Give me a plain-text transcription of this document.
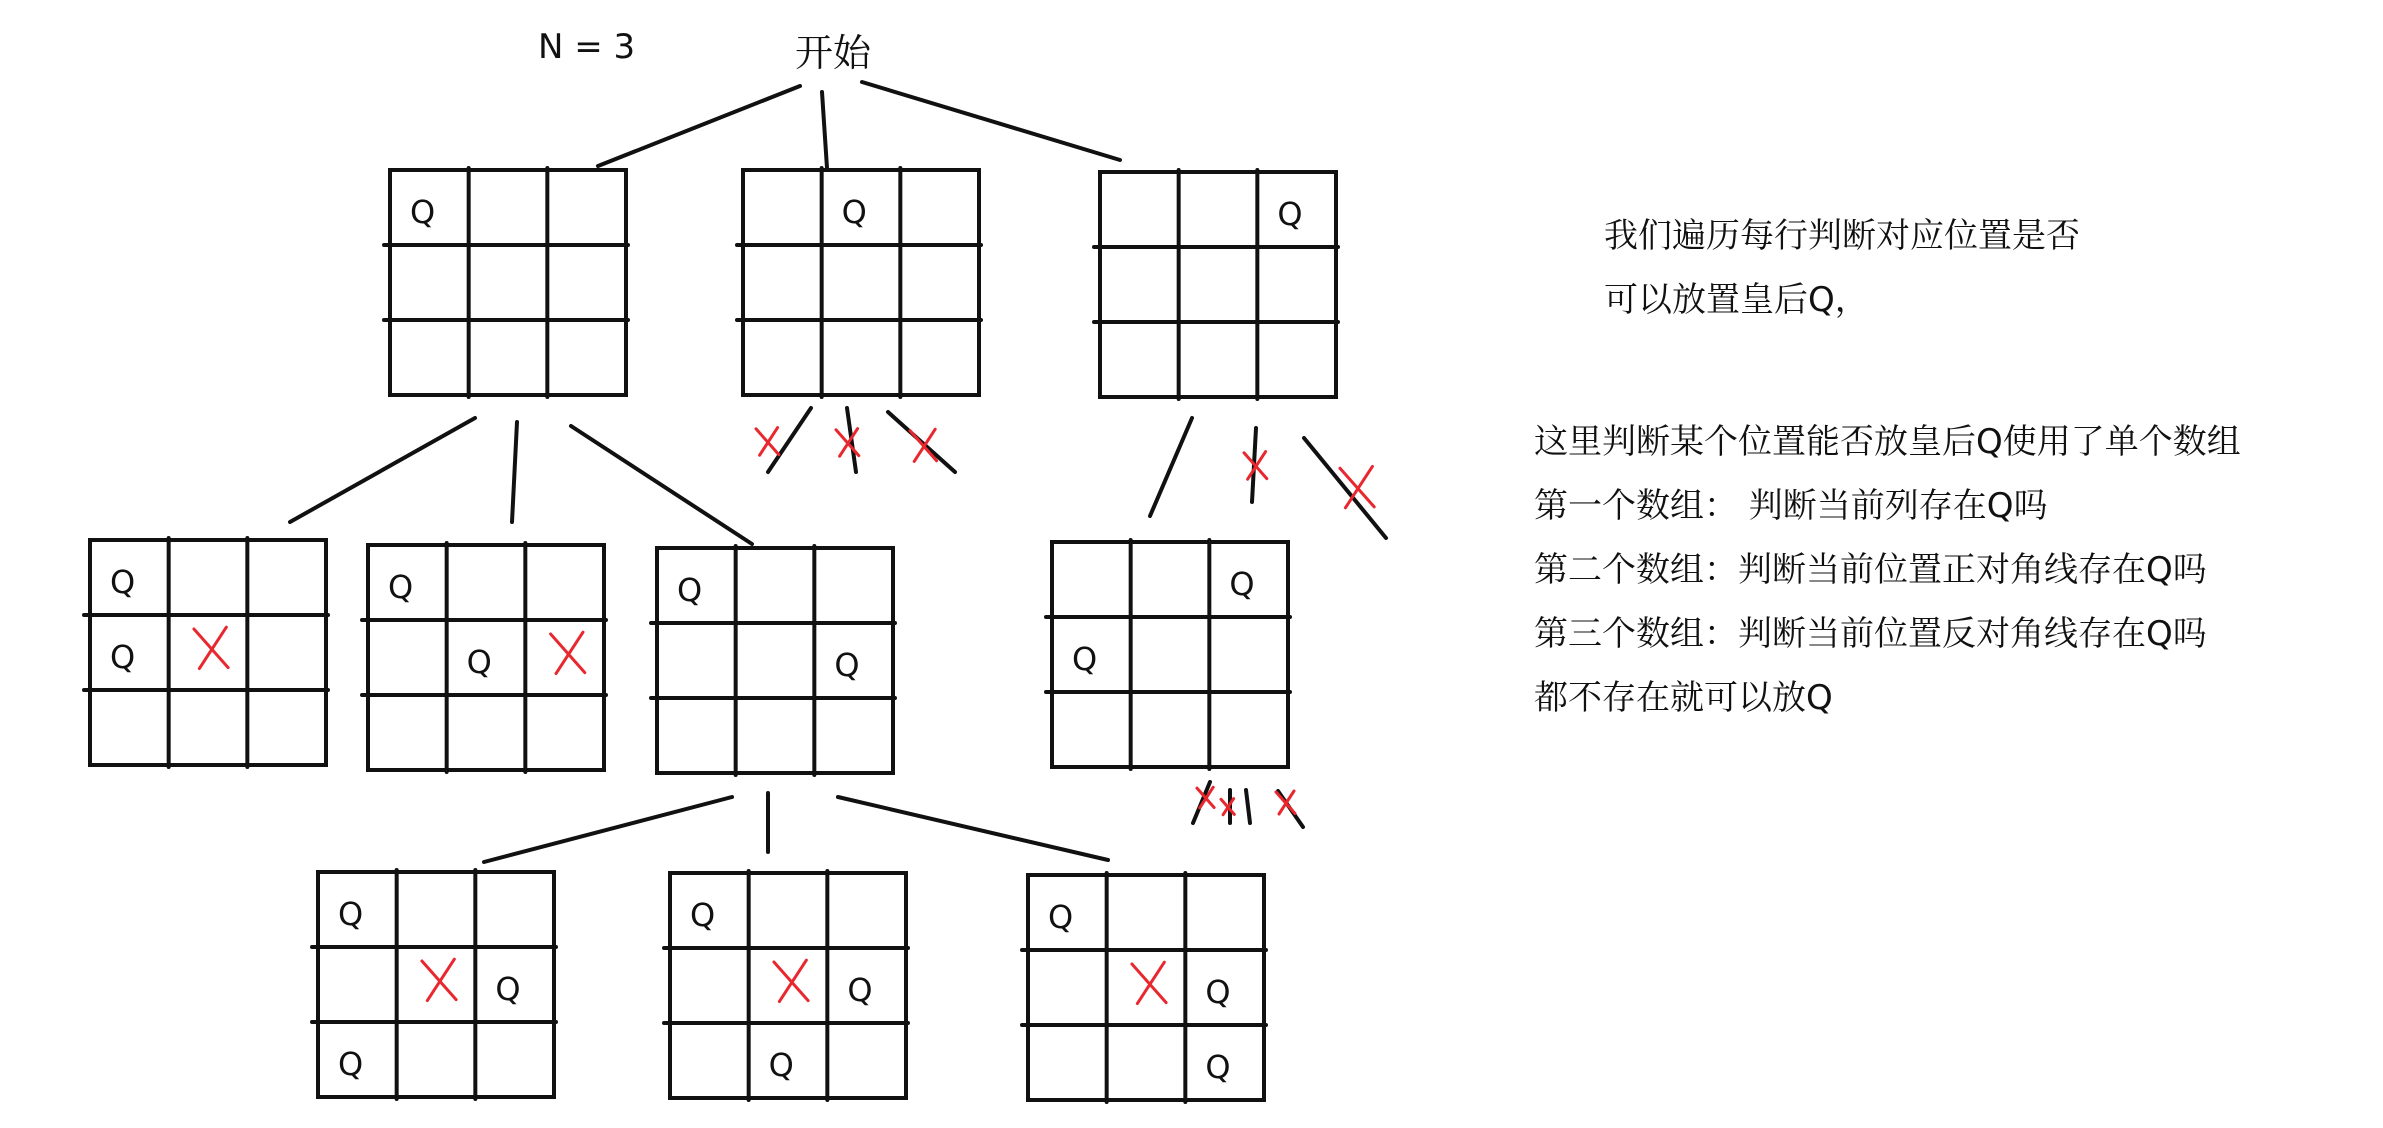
N = 3	开始
Q	Q	Q
Q
Q
Q
Q
Q
Q
Q
Q
Q
Q
Q
Q
Q
Q
Q
Q
Q
我们遍历每行判断对应位置是否
可以放置皇后Q，
这里判断某个位置能否放皇后Q使用了单个数组
第一个数组： 判断当前列存在Q吗
第二个数组：判断当前位置正对角线存在Q吗
第三个数组：判断当前位置反对角线存在Q吗
都不存在就可以放Q
